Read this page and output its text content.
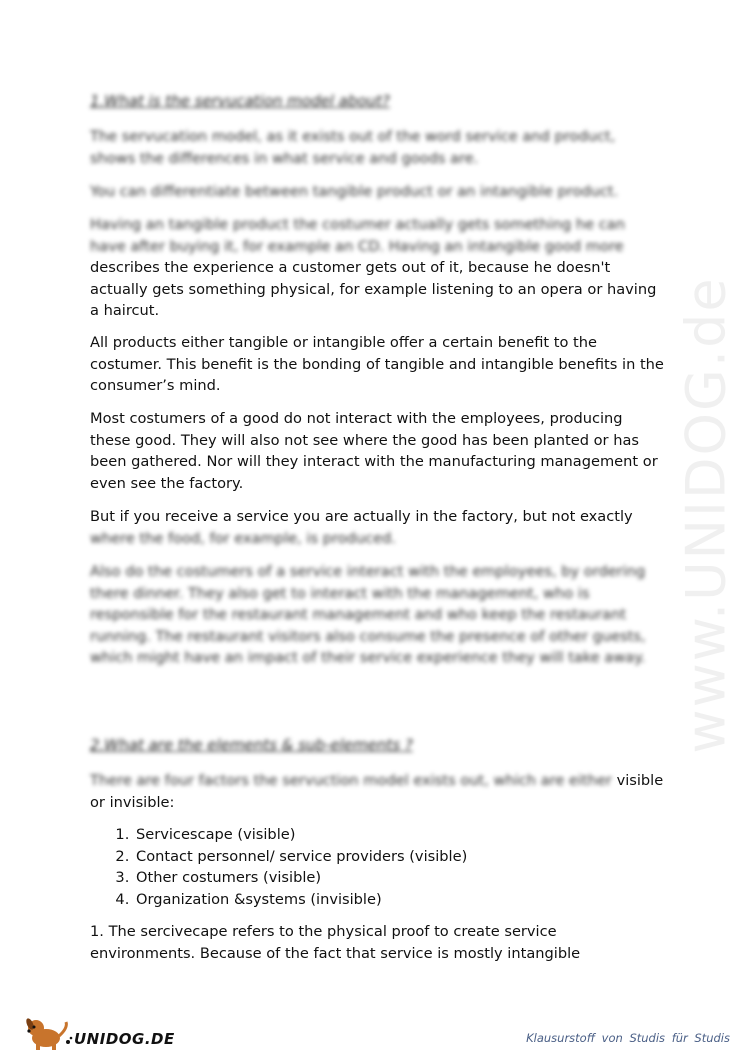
www.UNIDOG.de
1.What is the servucation model about?

The servucation model, as it exists out of the word service and product, shows the differences in what service and goods are.

You can differentiate between tangible product or an intangible product.

Having an tangible product the costumer actually gets something he can have after buying it, for example an CD. Having an intangible good more describes the experience a customer gets out of it, because he doesn't actually gets something physical, for example listening to an opera or having a haircut.

All products either tangible or intangible offer a certain benefit to the costumer. This benefit is the bonding of tangible and intangible benefits in the consumer’s mind.

Most costumers of a good do not interact with the employees, producing these good. They will also not see where the good has been planted or has been gathered. Nor will they interact with the manufacturing management or even see the factory.

But if you receive a service you are actually in the factory, but not exactly where the food, for example, is produced.

Also do the costumers of a service interact with the employees, by ordering there dinner. They also get to interact with the management, who is responsible for the restaurant management and who keep the restaurant running. The restaurant visitors also consume the presence of other guests, which might have an impact of their service experience they will take away.

2.What are the elements & sub-elements ?

There are four factors the servuction model exists out, which are either visible or invisible:

1. Servicescape (visible)
2. Contact personnel/ service providers (visible)
3. Other costumers (visible)
4. Organization &systems (invisible)

1. The sercivecape refers to the physical proof to create service environments. Because of the fact that service is mostly intangible

UNIDOG.DE	Klausurstoff von Studis für Studis
